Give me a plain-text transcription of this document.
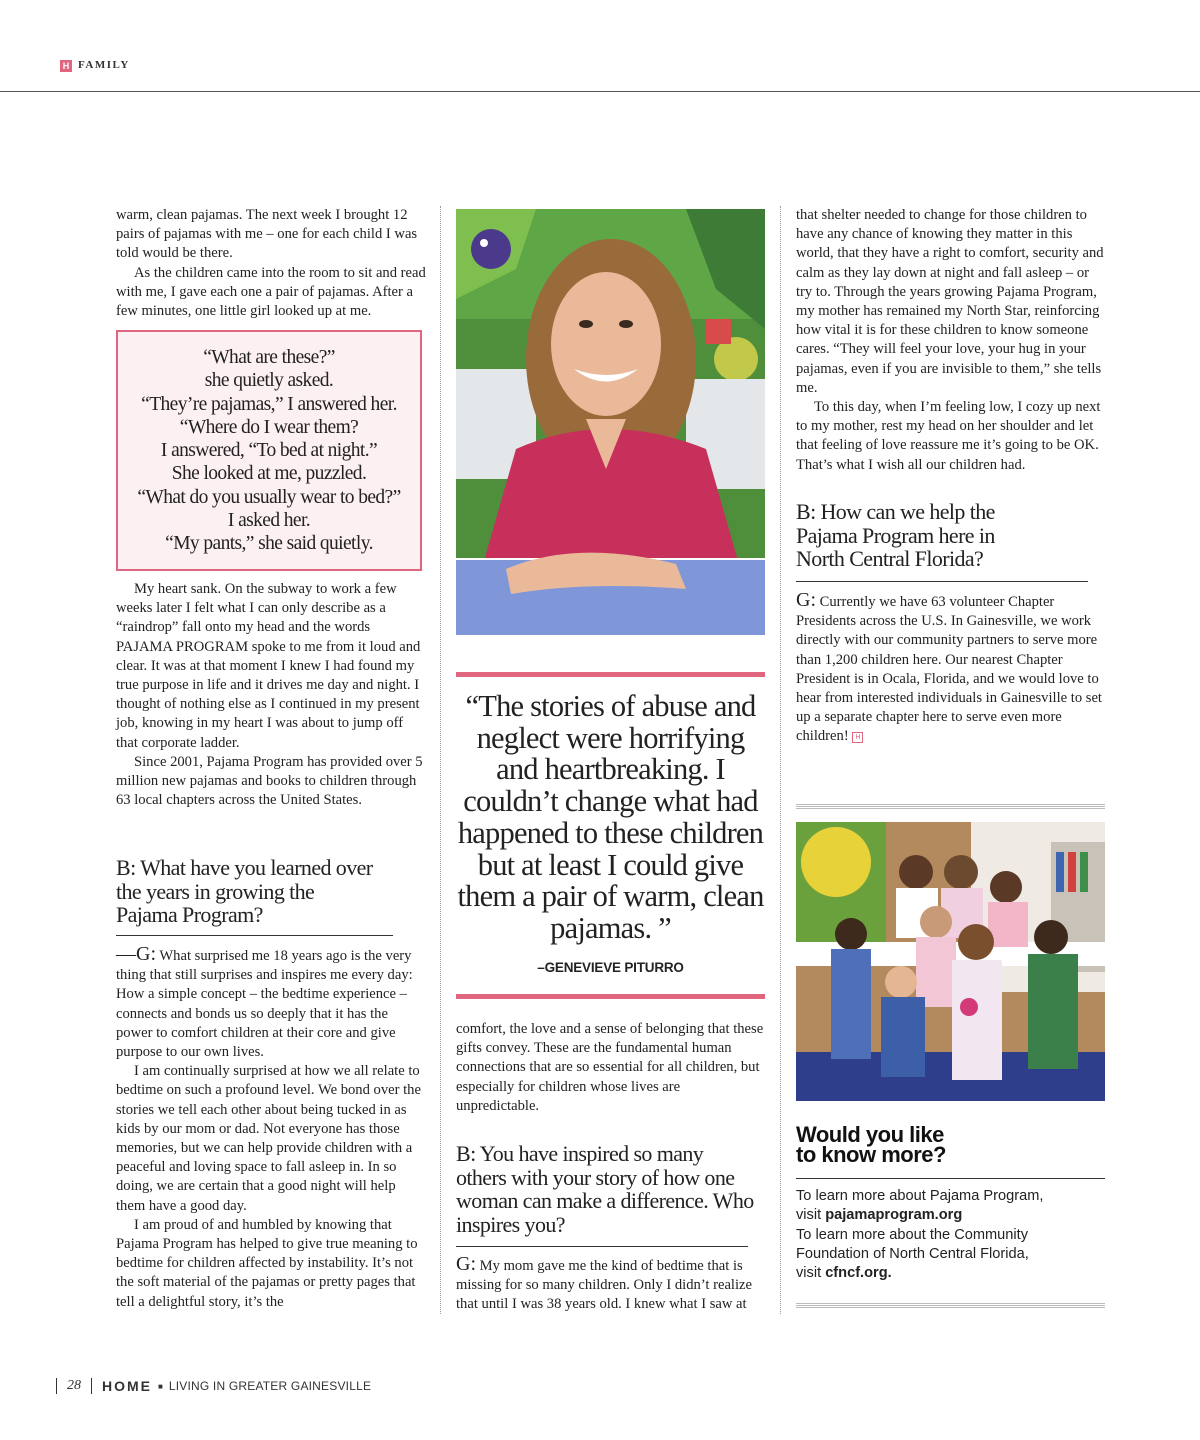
H FAMILY

warm, clean pajamas. The next week I brought 12 pairs of pajamas with me – one for each child I was told would be there.

As the children came into the room to sit and read with me, I gave each one a pair of pajamas. After a few minutes, one little girl looked up at me.

“What are these?”
she quietly asked.
“They’re pajamas,” I answered her.
“Where do I wear them?
I answered, “To bed at night.”
She looked at me, puzzled.
“What do you usually wear to bed?”
I asked her.
“My pants,” she said quietly.

My heart sank. On the subway to work a few weeks later I felt what I can only describe as a “raindrop” fall onto my head and the words PAJAMA PROGRAM spoke to me from it loud and clear. It was at that moment I knew I had found my true purpose in life and it drives me day and night. I thought of nothing else as I continued in my present job, knowing in my heart I was about to jump off that corporate ladder.

Since 2001, Pajama Program has provided over 5 million new pajamas and books to children through 63 local chapters across the United States.

B: What have you learned over the years in growing the Pajama Program?

—G: What surprised me 18 years ago is the very thing that still surprises and inspires me every day: How a simple concept – the bedtime experience – connects and bonds us so deeply that it has the power to comfort children at their core and give purpose to our own lives.

I am continually surprised at how we all relate to bedtime on such a profound level. We bond over the stories we tell each other about being tucked in as kids by our mom or dad. Not everyone has those memories, but we can help provide children with a peaceful and loving space to fall asleep in. In so doing, we are certain that a good night will help them have a good day.

I am proud of and humbled by knowing that Pajama Program has helped to give true meaning to bedtime for children affected by instability. It’s not the soft material of the pajamas or pretty pages that tell a delightful story, it’s the

“The stories of abuse and neglect were horrifying and heartbreaking. I couldn’t change what had happened to these children but at least I could give them a pair of warm, clean pajamas. ”
–GENEVIEVE PITURRO

comfort, the love and a sense of belonging that these gifts convey. These are the fundamental human connections that are so essential for all children, but especially for children whose lives are unpredictable.

B: You have inspired so many others with your story of how one woman can make a difference. Who inspires you?

G: My mom gave me the kind of bedtime that is missing for so many children. Only I didn’t realize that until I was 38 years old. I knew what I saw at

that shelter needed to change for those children to have any chance of knowing they matter in this world, that they have a right to comfort, security and calm as they lay down at night and fall asleep – or try to. Through the years growing Pajama Program, my mother has remained my North Star, reinforcing how vital it is for these children to know someone cares. “They will feel your love, your hug in your pajamas, even if you are invisible to them,” she tells me.

To this day, when I’m feeling low, I cozy up next to my mother, rest my head on her shoulder and let that feeling of love reassure me it’s going to be OK. That’s what I wish all our children had.

B: How can we help the Pajama Program here in North Central Florida?

G: Currently we have 63 volunteer Chapter Presidents across the U.S. In Gainesville, we work directly with our community partners to serve more than 1,200 children here. Our nearest Chapter President is in Ocala, Florida, and we would love to hear from interested individuals in Gainesville to set up a separate chapter here to serve even more children! H

Would you like
to know more?
To learn more about Pajama Program,
visit pajamaprogram.org
To learn more about the Community Foundation of North Central Florida,
visit cfncf.org.
28 HOME ■ LIVING IN GREATER GAINESVILLE
